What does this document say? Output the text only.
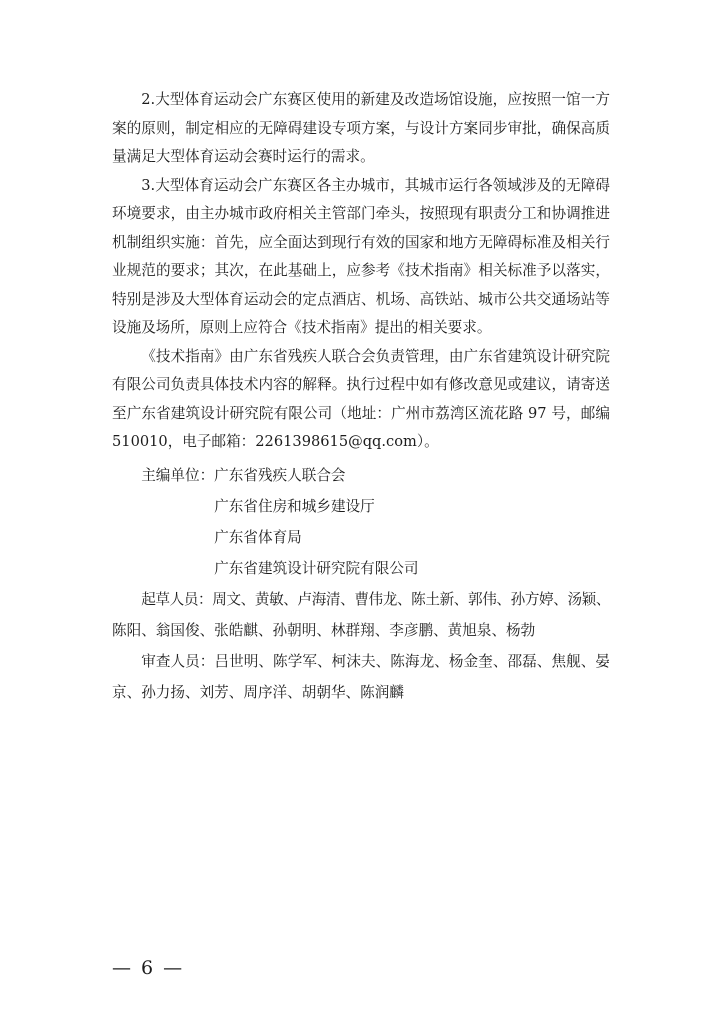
2.大型体育运动会广东赛区使用的新建及改造场馆设施，应按照一馆一方
案的原则，制定相应的无障碍建设专项方案，与设计方案同步审批，确保高质
量满足大型体育运动会赛时运行的需求。
3.大型体育运动会广东赛区各主办城市，其城市运行各领域涉及的无障碍
环境要求，由主办城市政府相关主管部门牵头，按照现有职责分工和协调推进
机制组织实施：首先，应全面达到现行有效的国家和地方无障碍标准及相关行
业规范的要求；其次，在此基础上，应参考《技术指南》相关标准予以落实，
特别是涉及大型体育运动会的定点酒店、机场、高铁站、城市公共交通场站等
设施及场所，原则上应符合《技术指南》提出的相关要求。
《技术指南》由广东省残疾人联合会负责管理，由广东省建筑设计研究院
有限公司负责具体技术内容的解释。执行过程中如有修改意见或建议，请寄送
至广东省建筑设计研究院有限公司（地址：广州市荔湾区流花路 97 号，邮编
510010，电子邮箱：2261398615@qq.com）。
主编单位：广东省残疾人联合会
广东省住房和城乡建设厅
广东省体育局
广东省建筑设计研究院有限公司
起草人员：周文、黄敏、卢海清、曹伟龙、陈土新、郭伟、孙方婷、汤颖、
陈阳、翁国俊、张皓麒、孙朝明、林群翔、李彦鹏、黄旭泉、杨勃
审查人员：吕世明、陈学军、柯沫夫、陈海龙、杨金奎、邵磊、焦舰、晏
京、孙力扬、刘芳、周序洋、胡朝华、陈润麟
— 6 —
